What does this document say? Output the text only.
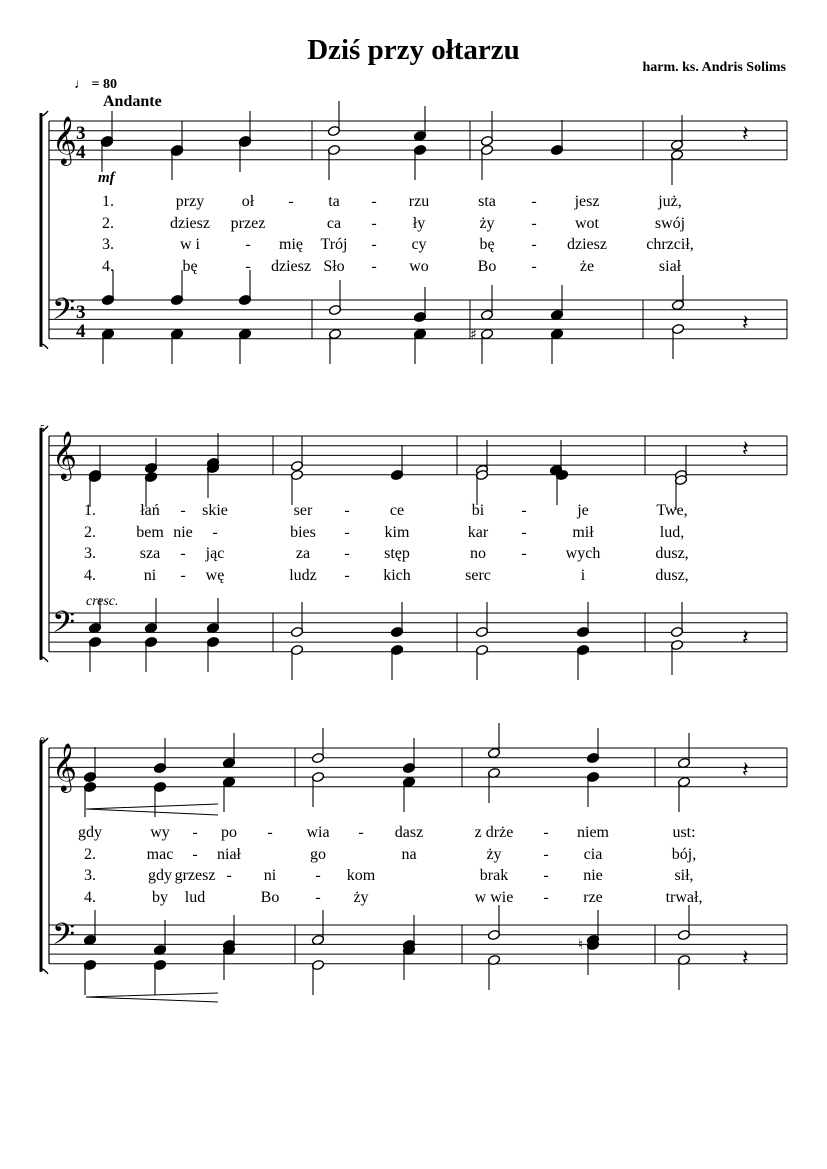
Dziś przy ołtarzu
harm. ks. Andris Solims
♩ = 80
Andante
𝄞
𝄢
3
4
3
4
𝄞
𝄢
𝄞
𝄢
𝄽
♯	𝄽
𝄽
𝄽
𝄽
♮
𝄽
mf
cresc.
5
9
1.	przy oł - ta - rzu	sta - jesz	już,
2.	dziesz przez	ca - ły	ży - wot	swój
3.	w i	- mię Trój - cy	bę - dziesz chrzcił,
4.	bę	- dziesz Sło - wo	Bo -	że	siał
1.	łań - skie	ser -	ce	bi -	je	Twe,
2.	bem nie -	bies - kim	kar -	mił	lud,
3.	sza - jąc	za - stęp	no - wych	dusz,
4.	ni - wę	ludz - kich	serc	i	dusz,
gdy	wy - po - wia - dasz	z drże - niem	ust:
2.	mac - niał	go	na	ży	- cia	bój,
3.	gdy grzesz - ni - kom	brak - nie	sił,
4.	by lud	Bo - ży	w wie - rze	trwał,
